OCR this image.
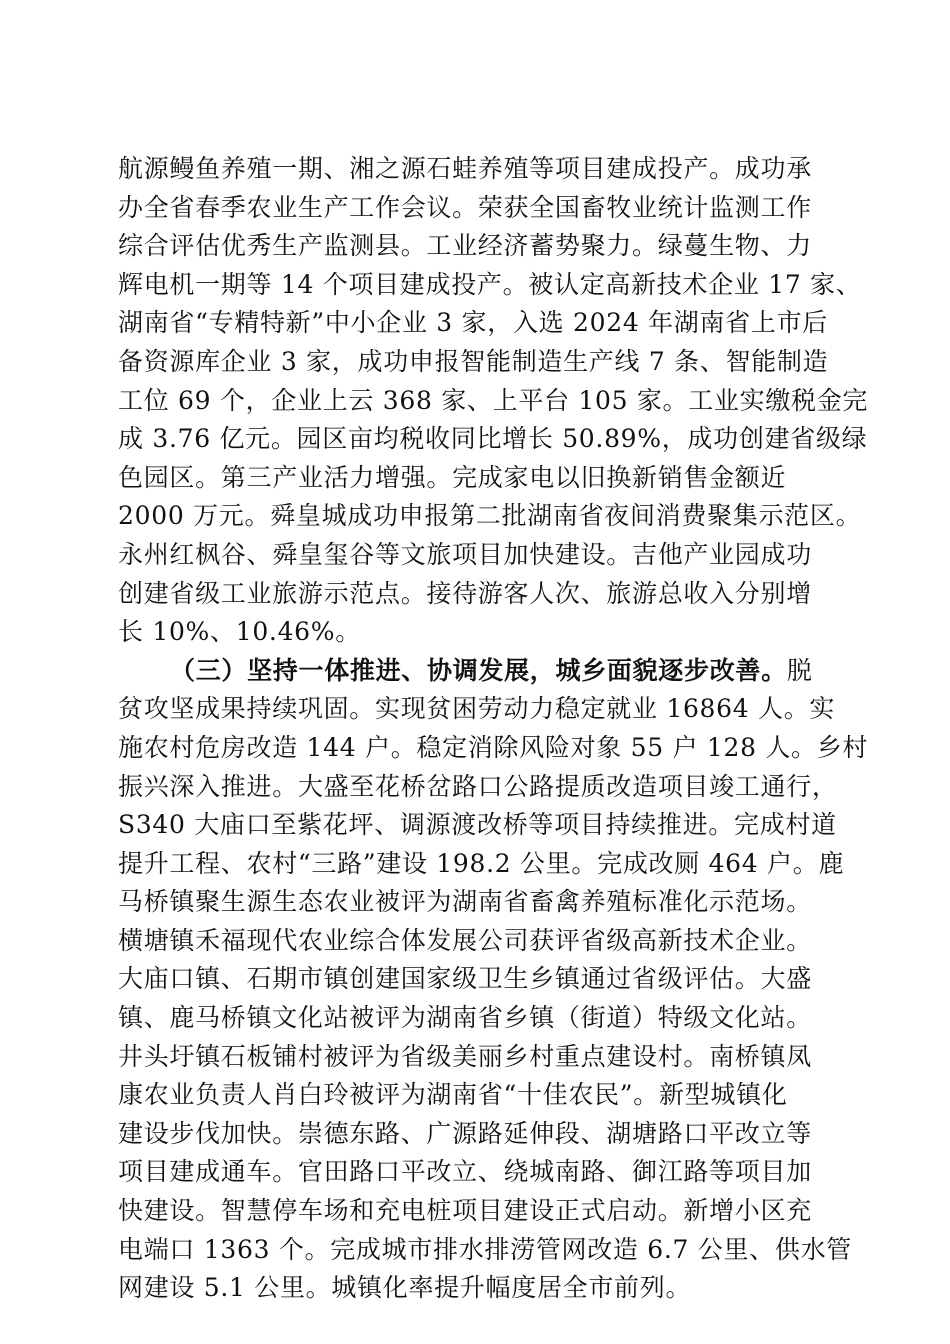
航源鳗鱼养殖一期、湘之源石蛙养殖等项目建成投产。成功承
办全省春季农业生产工作会议。荣获全国畜牧业统计监测工作
综合评估优秀生产监测县。工业经济蓄势聚力。绿蔓生物、力
辉电机一期等 14 个项目建成投产。被认定高新技术企业 17 家、
湖南省“专精特新”中小企业 3 家，入选 2024 年湖南省上市后
备资源库企业 3 家，成功申报智能制造生产线 7 条、智能制造
工位 69 个，企业上云 368 家、上平台 105 家。工业实缴税金完
成 3.76 亿元。园区亩均税收同比增长 50.89%，成功创建省级绿
色园区。第三产业活力增强。完成家电以旧换新销售金额近
2000 万元。舜皇城成功申报第二批湖南省夜间消费聚集示范区。
永州红枫谷、舜皇玺谷等文旅项目加快建设。吉他产业园成功
创建省级工业旅游示范点。接待游客人次、旅游总收入分别增
长 10%、10.46%。
（三）坚持一体推进、协调发展，城乡面貌逐步改善。脱
贫攻坚成果持续巩固。实现贫困劳动力稳定就业 16864 人。实
施农村危房改造 144 户。稳定消除风险对象 55 户 128 人。乡村
振兴深入推进。大盛至花桥岔路口公路提质改造项目竣工通行，
S340 大庙口至紫花坪、调源渡改桥等项目持续推进。完成村道
提升工程、农村“三路”建设 198.2 公里。完成改厕 464 户。鹿
马桥镇聚生源生态农业被评为湖南省畜禽养殖标准化示范场。
横塘镇禾福现代农业综合体发展公司获评省级高新技术企业。
大庙口镇、石期市镇创建国家级卫生乡镇通过省级评估。大盛
镇、鹿马桥镇文化站被评为湖南省乡镇（街道）特级文化站。
井头圩镇石板铺村被评为省级美丽乡村重点建设村。南桥镇凤
康农业负责人肖白玲被评为湖南省“十佳农民”。新型城镇化
建设步伐加快。崇德东路、广源路延伸段、湖塘路口平改立等
项目建成通车。官田路口平改立、绕城南路、御江路等项目加
快建设。智慧停车场和充电桩项目建设正式启动。新增小区充
电端口 1363 个。完成城市排水排涝管网改造 6.7 公里、供水管
网建设 5.1 公里。城镇化率提升幅度居全市前列。
